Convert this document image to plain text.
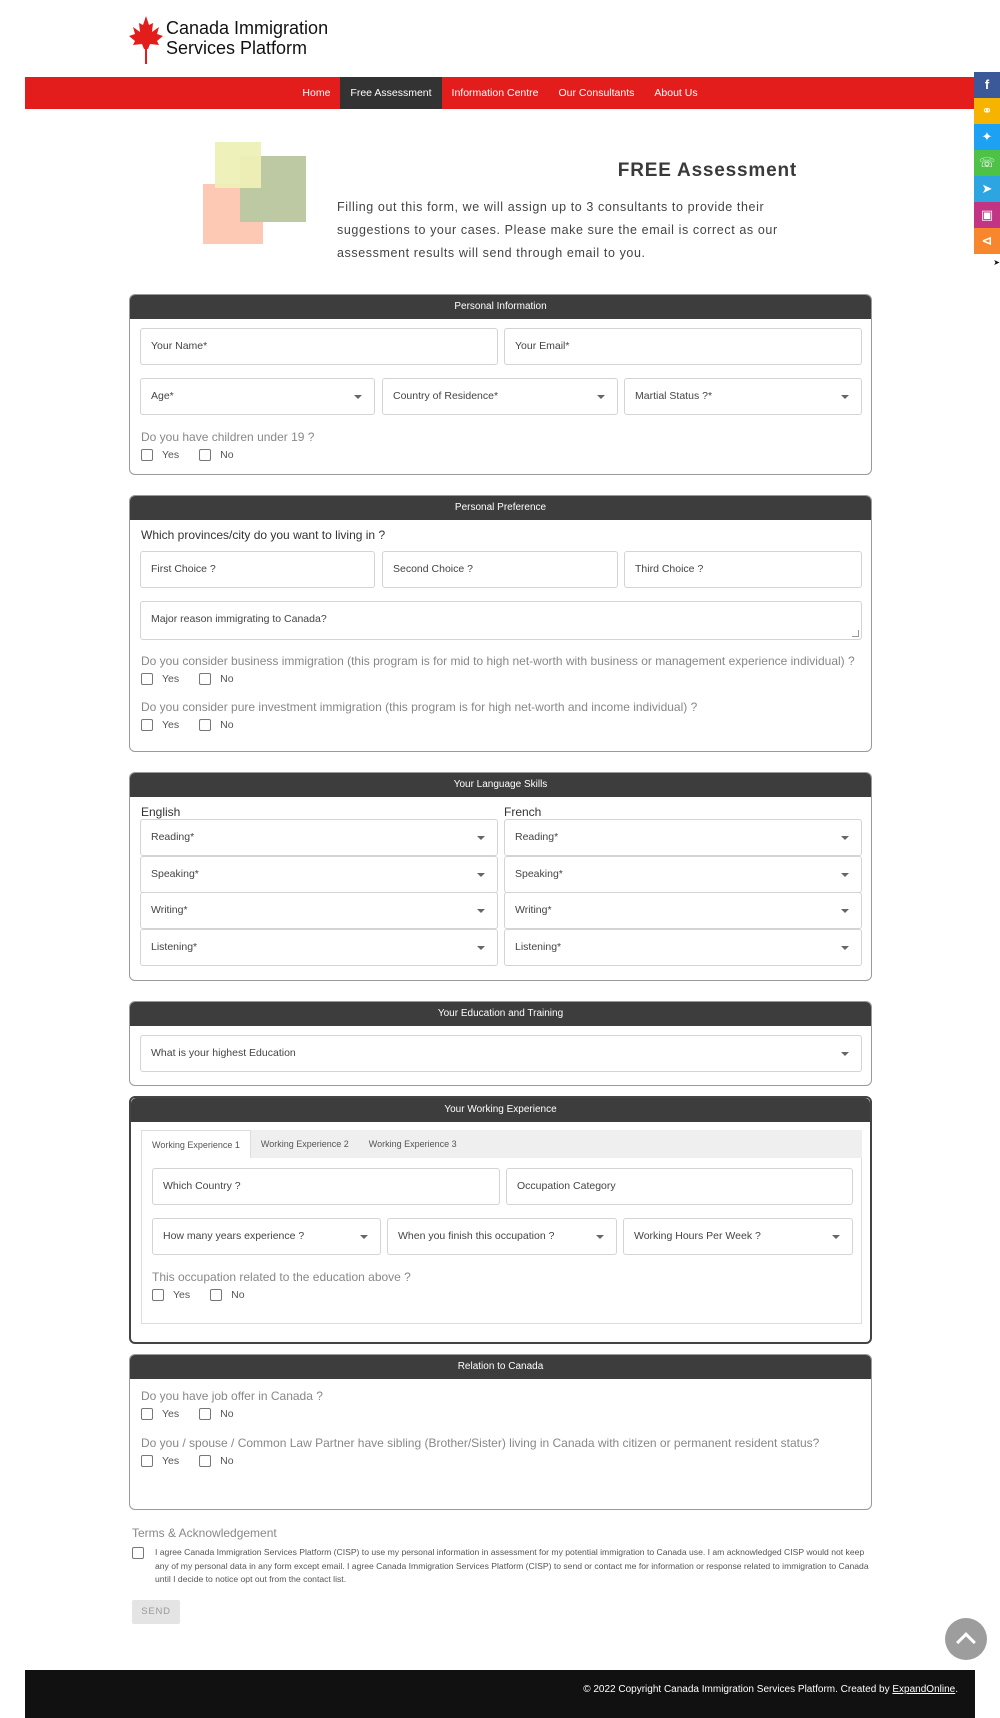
Canada Immigration
Services Platform
Home	Free Assessment	Information Centre	Our Consultants	About Us
f
⚭
✦
☏
➤
▣
⊲
➤
FREE Assessment
Filling out this form, we will assign up to 3 consultants to provide their suggestions to your cases. Please make sure the email is correct as our assessment results will send through email to you.
Personal Information
Your Name*	Your Email*
Age*	Country of Residence*	Martial Status ?*
Do you have children under 19 ?
Yes	No
Personal Preference
Which provinces/city do you want to living in ?
First Choice ?	Second Choice ?	Third Choice ?
Major reason immigrating to Canada?
Do you consider business immigration (this program is for mid to high net-worth with business or management experience individual) ?
Yes	No
Do you consider pure investment immigration (this program is for high net-worth and income individual) ?
Yes	No
Your Language Skills
English	French
Reading*	Reading*
Speaking*	Speaking*
Writing*	Writing*
Listening*	Listening*
Your Education and Training
What is your highest Education
Your Working Experience
Working Experience 1	Working Experience 2	Working Experience 3
Which Country ?	Occupation Category
How many years experience ?	When you finish this occupation ?	Working Hours Per Week ?
This occupation related to the education above ?
Yes	No
Relation to Canada
Do you have job offer in Canada ?
Yes	No
Do you / spouse / Common Law Partner have sibling (Brother/Sister) living in Canada with citizen or permanent resident status?
Yes	No
Terms & Acknowledgement
I agree Canada Immigration Services Platform (CISP) to use my personal information in assessment for my potential immigration to Canada use. I am acknowledged CISP would not keep any of my personal data in any form except email. I agree Canada Immigration Services Platform (CISP) to send or contact me for information or response related to immigration to Canada until I decide to notice opt out from the contact list.
SEND
© 2022 Copyright Canada Immigration Services Platform. Created by ExpandOnline.
